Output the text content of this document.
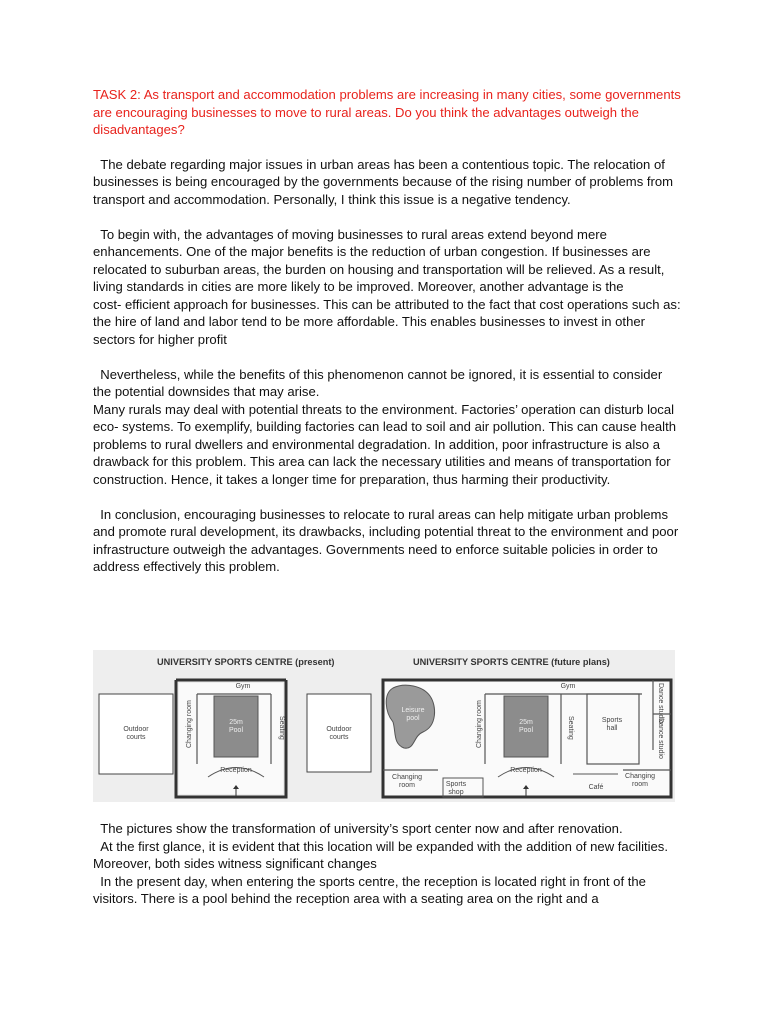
TASK 2: As transport and accommodation problems are increasing in many cities, some governments are encouraging businesses to move to rural areas. Do you think the advantages outweigh the disadvantages?

The debate regarding major issues in urban areas has been a contentious topic. The relocation of businesses is being encouraged by the governments because of the rising number of problems from transport and accommodation. Personally, I think this issue is a negative tendency.

To begin with, the advantages of moving businesses to rural areas extend beyond mere enhancements. One of the major benefits is the reduction of urban congestion. If businesses are relocated to suburban areas, the burden on housing and transportation will be relieved. As a result, living standards in cities are more likely to be improved. Moreover, another advantage is the

cost- efficient approach for businesses. This can be attributed to the fact that cost operations such as: the hire of land and labor tend to be more affordable. This enables businesses to invest in other sectors for higher profit

Nevertheless, while the benefits of this phenomenon cannot be ignored, it is essential to consider the potential downsides that may arise.

Many rurals may deal with potential threats to the environment. Factories’ operation can disturb local eco- systems. To exemplify, building factories can lead to soil and air pollution. This can cause health problems to rural dwellers and environmental degradation. In addition, poor infrastructure is also a drawback for this problem. This area can lack the necessary utilities and means of transportation for construction. Hence, it takes a longer time for preparation, thus harming their productivity.

In conclusion, encouraging businesses to relocate to rural areas can help mitigate urban problems and promote rural development, its drawbacks, including potential threat to the environment and poor infrastructure outweigh the advantages. Governments need to enforce suitable policies in order to address effectively this problem.

UNIVERSITY SPORTS CENTRE (present)
Outdoor
courts
Gym
Changing room	Seating
25m
Pool
Reception
Outdoor
courts
UNIVERSITY SPORTS CENTRE (future plans)
Leisure
pool
Gym
Changing room	25m
Pool	Seating	Sports
hall
Dance studio
Dance studio
Reception
Changing
room	Sports
shop
Café
Changing
room

The pictures show the transformation of university’s sport center now and after renovation.

At the first glance, it is evident that this location will be expanded with the addition of new facilities. Moreover, both sides witness significant changes

In the present day, when entering the sports centre, the reception is located right in front of the visitors. There is a pool behind the reception area with a seating area on the right and a
